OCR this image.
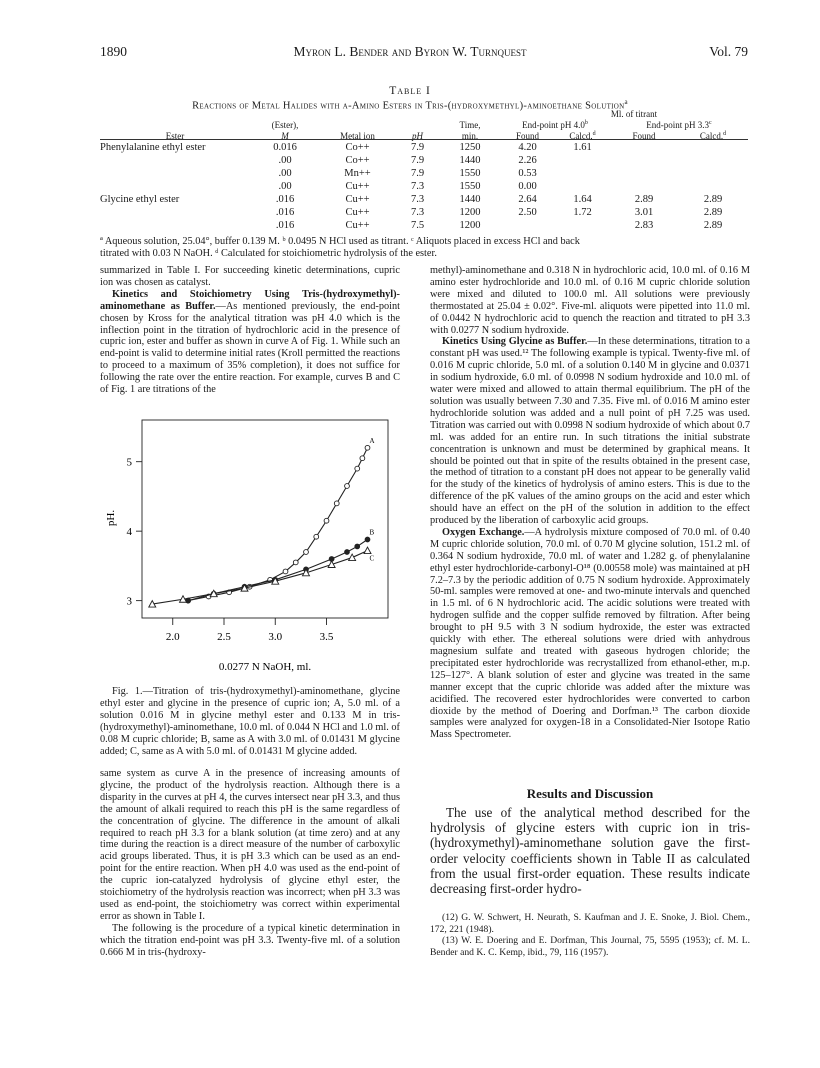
1890	Myron L. Bender and Byron W. Turnquest	Vol. 79
Table I
Reactions of Metal Halides with α-Amino Esters in Tris-(hydroxymethyl)-aminoethane Solution$^a$
					Ml. of titrant			
	(Ester),			Time,	End-point pH 4.0$^b$		End-point pH 3.3$^c$
Ester	M	Metal ion	pH	min.	Found	Calcd.$^d$	Found	Calcd.$^d$
Phenylalanine ethyl ester	0.016	Co++	7.9	1250	4.20	1.61		
	.00	Co++	7.9	1440	2.26			
	.00	Mn++	7.9	1550	0.53			
	.00	Cu++	7.3	1550	0.00			
Glycine ethyl ester	.016	Cu++	7.3	1440	2.64	1.64	2.89	2.89
	.016	Cu++	7.3	1200	2.50	1.72	3.01	2.89
	.016	Cu++	7.5	1200			2.83	2.89
ª Aqueous solution, 25.04°, buffer 0.139 M. ᵇ 0.0495 N HCl used as titrant. ᶜ Aliquots placed in excess HCl and back
titrated with 0.03 N NaOH. ᵈ Calculated for stoichiometric hydrolysis of the ester.

summarized in Table I. For succeeding kinetic determinations, cupric ion was chosen as catalyst.

Kinetics and Stoichiometry Using Tris-(hydroxymethyl)-aminomethane as Buffer.—As mentioned previously, the end-point chosen by Kross for the analytical titration was pH 4.0 which is the inflection point in the titration of hydrochloric acid in the presence of cupric ion, ester and buffer as shown in curve A of Fig. 1. While such an end-point is valid to determine initial rates (Kroll permitted the reactions to proceed to a maximum of 35% completion), it does not suffice for following the rate over the entire reaction. For example, curves B and C of Fig. 1 are titrations of the

2.0	2.5	3.0	3.5
3
4
5
A
B
C
pH.
0.0277 N NaOH, ml.
Fig. 1.—Titration of tris-(hydroxymethyl)-aminomethane, glycine ethyl ester and glycine in the presence of cupric ion; A, 5.0 ml. of a solution 0.016 M in glycine methyl ester and 0.133 M in tris-(hydroxymethyl)-aminomethane, 10.0 ml. of 0.044 N HCl and 1.0 ml. of 0.08 M cupric chloride; B, same as A with 3.0 ml. of 0.01431 M glycine added; C, same as A with 5.0 ml. of 0.01431 M glycine added.

same system as curve A in the presence of increasing amounts of glycine, the product of the hydrolysis reaction. Although there is a disparity in the curves at pH 4, the curves intersect near pH 3.3, and thus the amount of alkali required to reach this pH is the same regardless of the concentration of glycine. The difference in the amount of alkali required to reach pH 3.3 for a blank solution (at time zero) and at any time during the reaction is a direct measure of the number of carboxylic acid groups liberated. Thus, it is pH 3.3 which can be used as an end-point for the entire reaction. When pH 4.0 was used as the end-point of the cupric ion-catalyzed hydrolysis of glycine ethyl ester, the stoichiometry of the hydrolysis reaction was incorrect; when pH 3.3 was used as end-point, the stoichiometry was correct within experimental error as shown in Table I.

The following is the procedure of a typical kinetic determination in which the titration end-point was pH 3.3. Twenty-five ml. of a solution 0.666 M in tris-(hydroxy-

methyl)-aminomethane and 0.318 N in hydrochloric acid, 10.0 ml. of 0.16 M amino ester hydrochloride and 10.0 ml. of 0.16 M cupric chloride solution were mixed and diluted to 100.0 ml. All solutions were previously thermostated at 25.04 ± 0.02°. Five-ml. aliquots were pipetted into 11.0 ml. of 0.0442 N hydrochloric acid to quench the reaction and titrated to pH 3.3 with 0.0277 N sodium hydroxide.

Kinetics Using Glycine as Buffer.—In these determinations, titration to a constant pH was used.¹² The following example is typical. Twenty-five ml. of 0.016 M cupric chloride, 5.0 ml. of a solution 0.140 M in glycine and 0.0371 in sodium hydroxide, 6.0 ml. of 0.0998 N sodium hydroxide and 10.0 ml. of water were mixed and allowed to attain thermal equilibrium. The pH of the solution was usually between 7.30 and 7.35. Five ml. of 0.016 M amino ester hydrochloride solution was added and a null point of pH 7.25 was used. Titration was carried out with 0.0998 N sodium hydroxide of which about 0.7 ml. was added for an entire run. In such titrations the initial substrate concentration is unknown and must be determined by graphical means. It should be pointed out that in spite of the results obtained in the present case, the method of titration to a constant pH does not appear to be generally valid for the study of the kinetics of hydrolysis of amino esters. This is due to the difference of the pK values of the amino groups on the acid and ester which should have an effect on the pH of the solution in addition to the effect produced by the liberation of carboxylic acid groups.

Oxygen Exchange.—A hydrolysis mixture composed of 70.0 ml. of 0.40 M cupric chloride solution, 70.0 ml. of 0.70 M glycine solution, 151.2 ml. of 0.364 N sodium hydroxide, 70.0 ml. of water and 1.282 g. of phenylalanine ethyl ester hydrochloride-carbonyl-O¹⁸ (0.00558 mole) was maintained at pH 7.2–7.3 by the periodic addition of 0.75 N sodium hydroxide. Approximately 50-ml. samples were removed at one- and two-minute intervals and quenched in 1.5 ml. of 6 N hydrochloric acid. The acidic solutions were treated with hydrogen sulfide and the copper sulfide removed by filtration. After being brought to pH 9.5 with 3 N sodium hydroxide, the ester was extracted quickly with ether. The ethereal solutions were dried with anhydrous magnesium sulfate and treated with gaseous hydrogen chloride; the precipitated ester hydrochloride was recrystallized from ethanol-ether, m.p. 125–127°. A blank solution of ester and glycine was treated in the same manner except that the cupric chloride was added after the mixture was acidified. The recovered ester hydrochlorides were converted to carbon dioxide by the method of Doering and Dorfman.¹³ The carbon dioxide samples were analyzed for oxygen-18 in a Consolidated-Nier Isotope Ratio Mass Spectrometer.

Results and Discussion
The use of the analytical method described for the hydrolysis of glycine esters with cupric ion in tris-(hydroxymethyl)-aminomethane solution gave the first-order velocity coefficients shown in Table II as calculated from the usual first-order equation. These results indicate decreasing first-order hydro-
(12) G. W. Schwert, H. Neurath, S. Kaufman and J. E. Snoke, J. Biol. Chem., 172, 221 (1948).
(13) W. E. Doering and E. Dorfman, This Journal, 75, 5595 (1953); cf. M. L. Bender and K. C. Kemp, ibid., 79, 116 (1957).
